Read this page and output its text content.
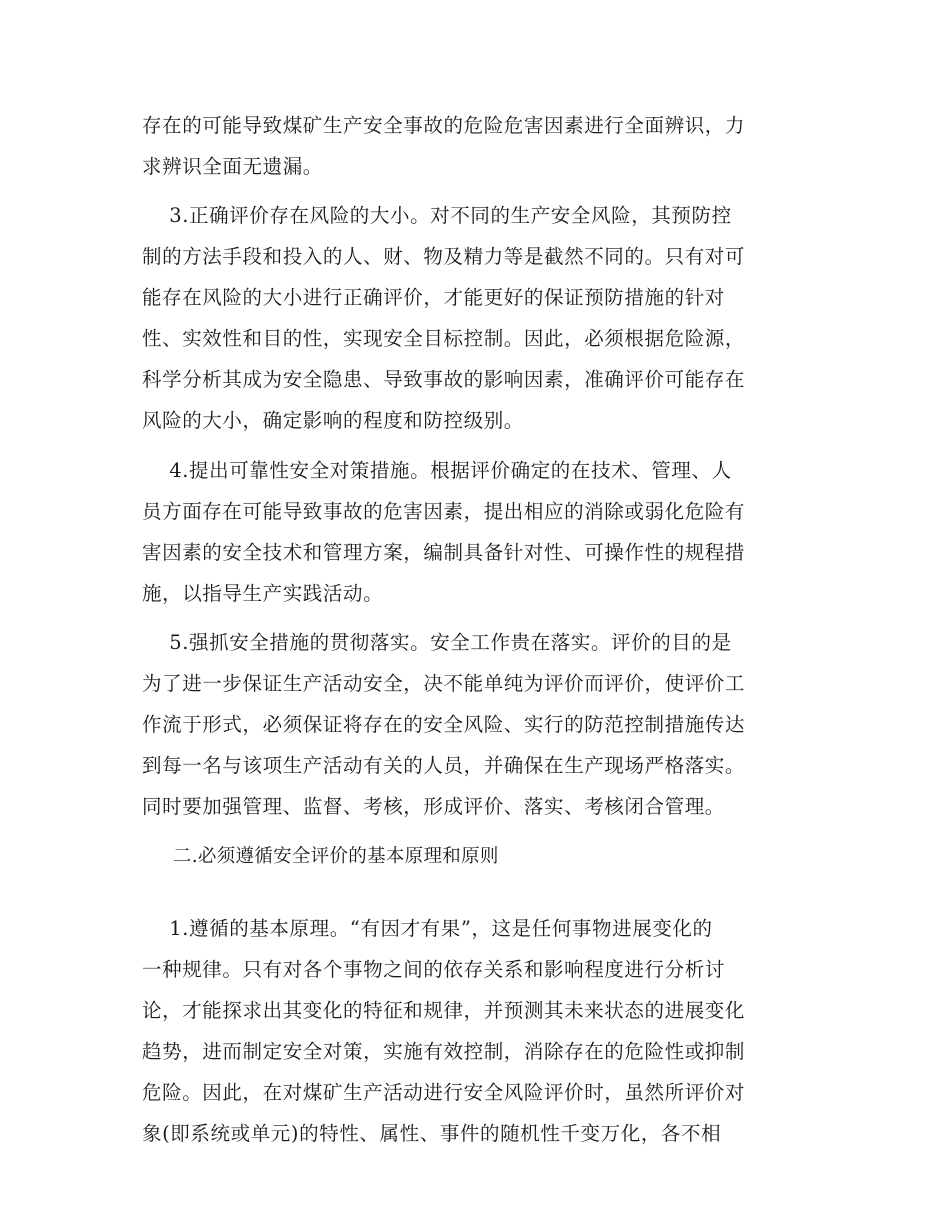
存在的可能导致煤矿生产安全事故的危险危害因素进行全面辨识，力
求辨识全面无遗漏。
3.正确评价存在风险的大小。对不同的生产安全风险，其预防控
制的方法手段和投入的人、财、物及精力等是截然不同的。只有对可
能存在风险的大小进行正确评价，才能更好的保证预防措施的针对
性、实效性和目的性，实现安全目标控制。因此，必须根据危险源，
科学分析其成为安全隐患、导致事故的影响因素，准确评价可能存在
风险的大小，确定影响的程度和防控级别。
4.提出可靠性安全对策措施。根据评价确定的在技术、管理、人
员方面存在可能导致事故的危害因素，提出相应的消除或弱化危险有
害因素的安全技术和管理方案，编制具备针对性、可操作性的规程措
施，以指导生产实践活动。
5.强抓安全措施的贯彻落实。安全工作贵在落实。评价的目的是
为了进一步保证生产活动安全，决不能单纯为评价而评价，使评价工
作流于形式，必须保证将存在的安全风险、实行的防范控制措施传达
到每一名与该项生产活动有关的人员，并确保在生产现场严格落实。
同时要加强管理、监督、考核，形成评价、落实、考核闭合管理。
二.必须遵循安全评价的基本原理和原则
1.遵循的基本原理。“有因才有果”，这是任何事物进展变化的
一种规律。只有对各个事物之间的依存关系和影响程度进行分析讨
论，才能探求出其变化的特征和规律，并预测其未来状态的进展变化
趋势，进而制定安全对策，实施有效控制，消除存在的危险性或抑制
危险。因此，在对煤矿生产活动进行安全风险评价时，虽然所评价对
象(即系统或单元)的特性、属性、事件的随机性千变万化，各不相
